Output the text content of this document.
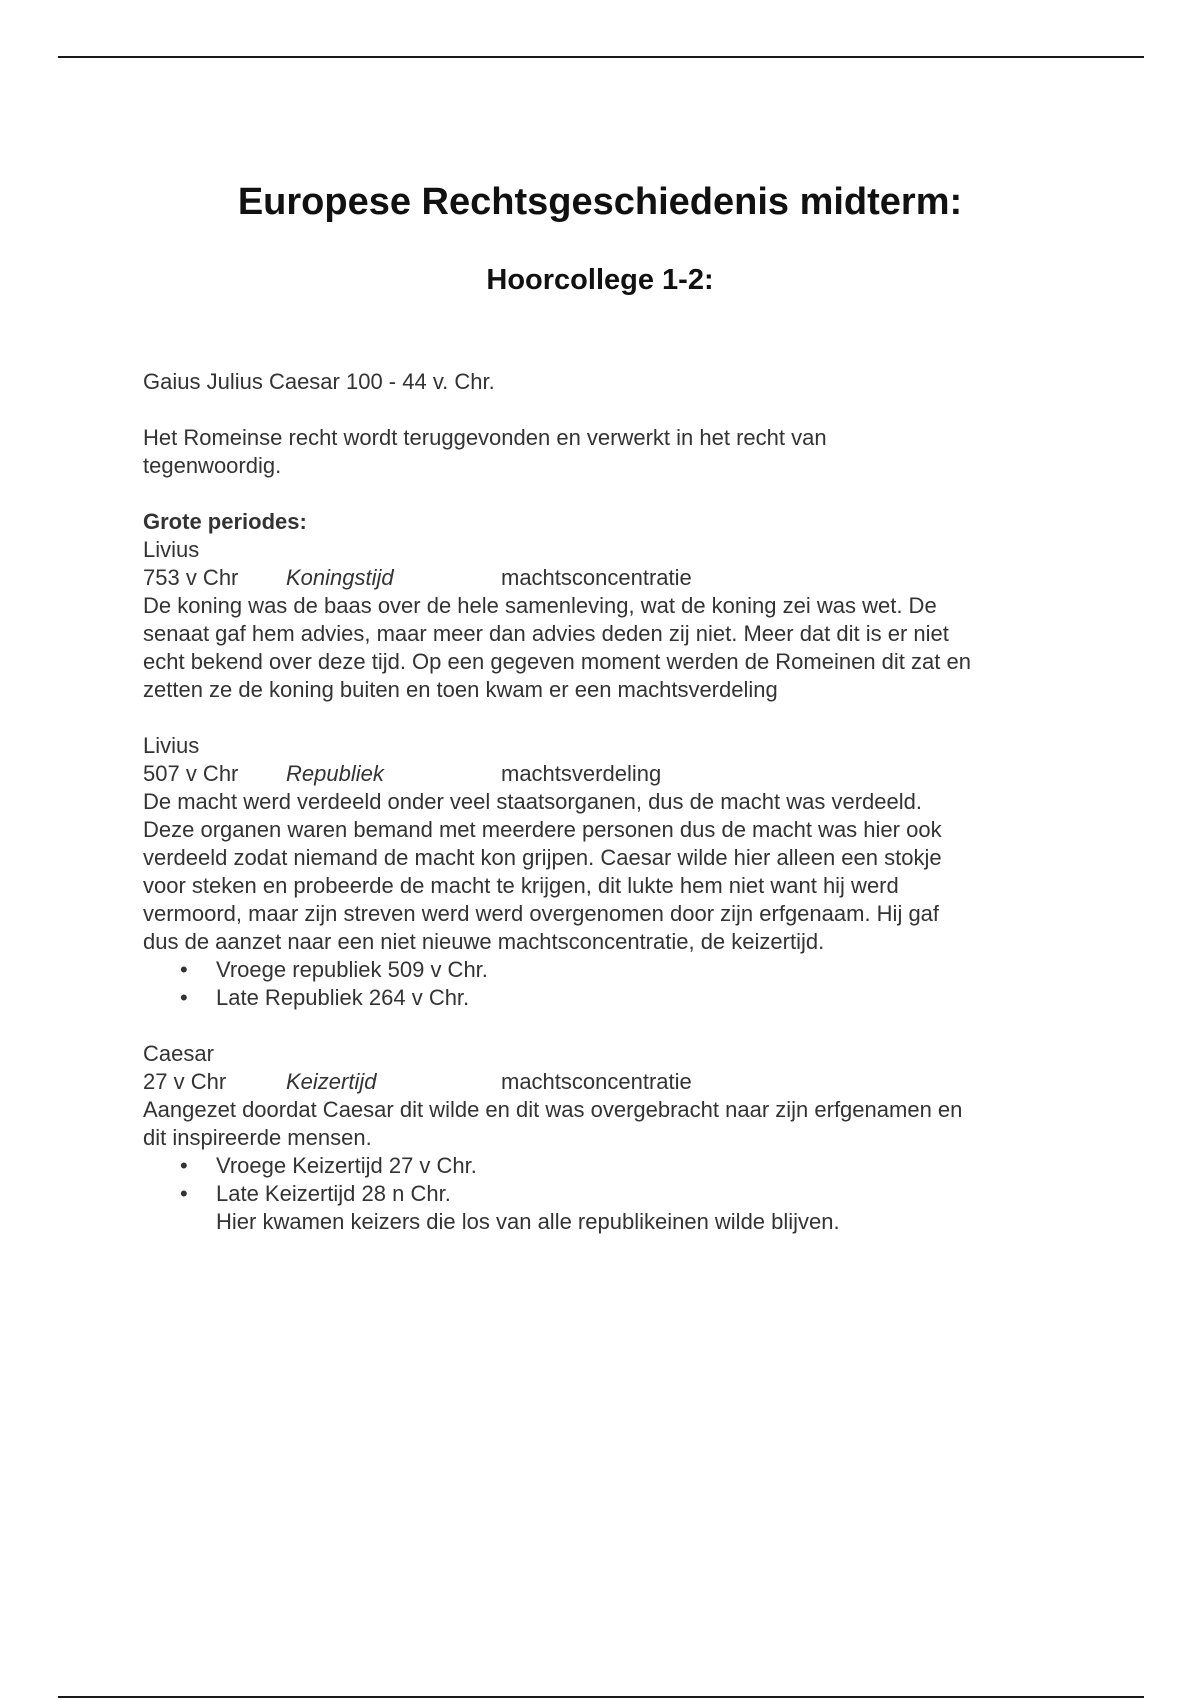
Europese Rechtsgeschiedenis midterm:
Hoorcollege 1-2:

Gaius Julius Caesar 100 - 44 v. Chr.

Het Romeinse recht wordt teruggevonden en verwerkt in het recht van

tegenwoordig.

Grote periodes:

Livius

753 v Chr	Koningstijd	machtsconcentratie

De koning was de baas over de hele samenleving, wat de koning zei was wet. De

senaat gaf hem advies, maar meer dan advies deden zij niet. Meer dat dit is er niet

echt bekend over deze tijd. Op een gegeven moment werden de Romeinen dit zat en

zetten ze de koning buiten en toen kwam er een machtsverdeling

Livius

507 v Chr	Republiek	machtsverdeling

De macht werd verdeeld onder veel staatsorganen, dus de macht was verdeeld.

Deze organen waren bemand met meerdere personen dus de macht was hier ook

verdeeld zodat niemand de macht kon grijpen. Caesar wilde hier alleen een stokje

voor steken en probeerde de macht te krijgen, dit lukte hem niet want hij werd

vermoord, maar zijn streven werd werd overgenomen door zijn erfgenaam. Hij gaf

dus de aanzet naar een niet nieuwe machtsconcentratie, de keizertijd.

• Vroege republiek 509 v Chr.
• Late Republiek 264 v Chr.

Caesar

27 v Chr	Keizertijd	machtsconcentratie

Aangezet doordat Caesar dit wilde en dit was overgebracht naar zijn erfgenamen en

dit inspireerde mensen.

• Vroege Keizertijd 27 v Chr.
• Late Keizertijd 28 n Chr.

Hier kwamen keizers die los van alle republikeinen wilde blijven.
